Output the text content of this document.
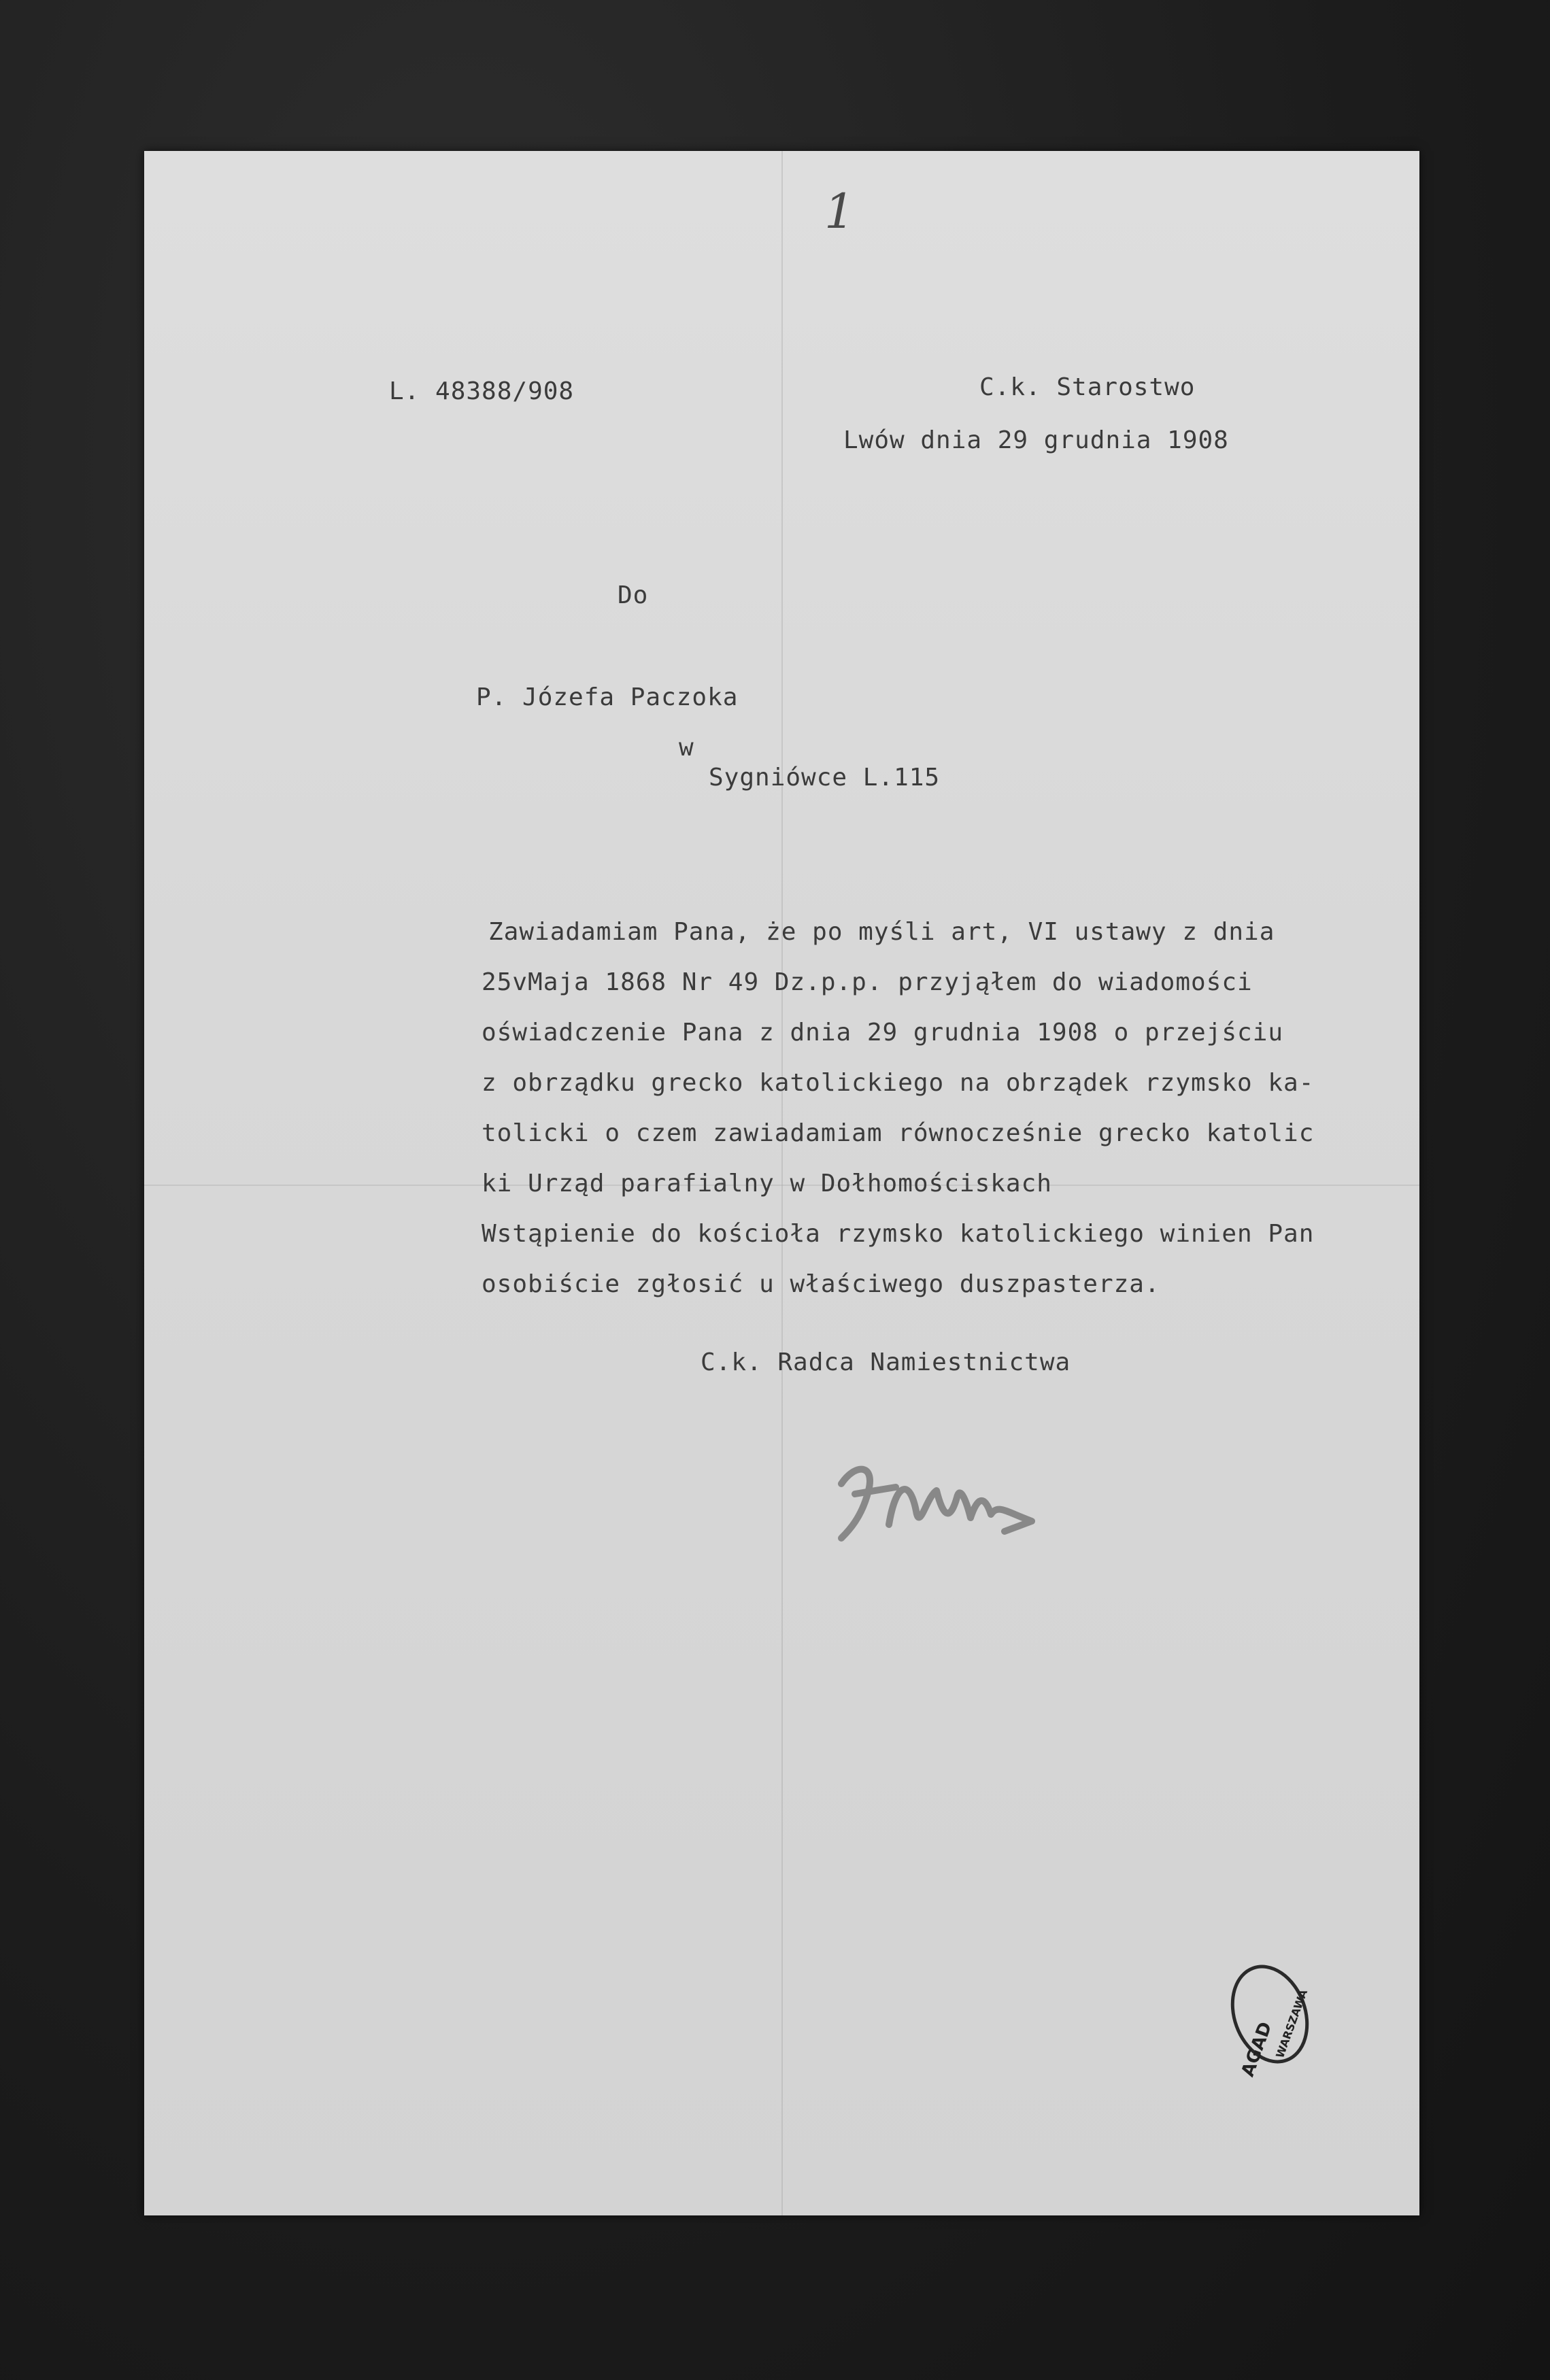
1
L. 48388/908	C.k. Starostwo
Lwów dnia 29 grudnia 1908
Do
P. Józefa Paczoka
w
Sygniówce L.115
Zawiadamiam Pana, że po myśli art, VI ustawy z dnia
25vMaja 1868 Nr 49 Dz.p.p. przyjąłem do wiadomości
oświadczenie Pana z dnia 29 grudnia 1908 o przejściu
z obrządku grecko katolickiego na obrządek rzymsko ka-
tolicki o czem zawiadamiam równocześnie grecko katolic
ki Urząd parafialny w Dołhomościskach
Wstąpienie do kościoła rzymsko katolickiego winien Pan
osobiście zgłosić u właściwego duszpasterza.
C.k. Radca Namiestnictwa
AGAD
WARSZAWA
